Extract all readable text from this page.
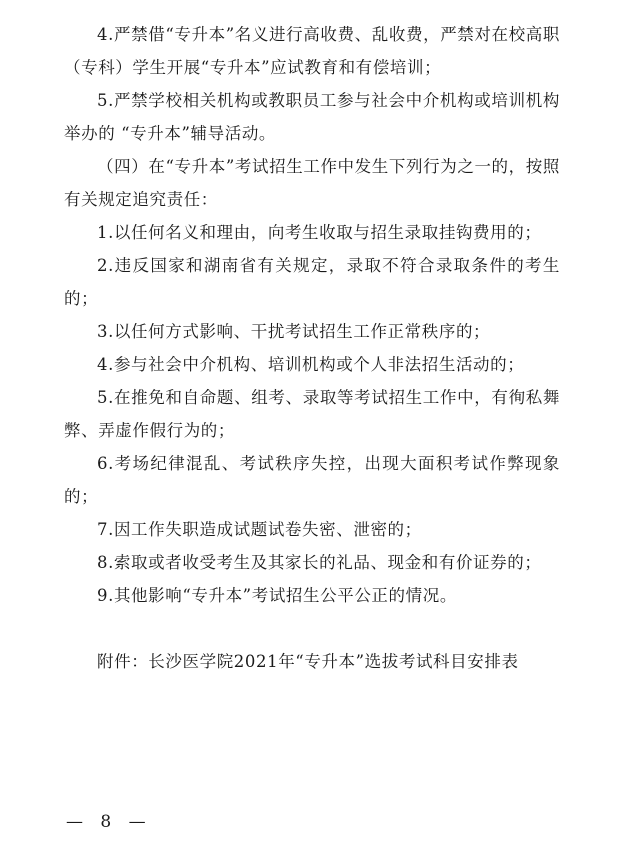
4.严禁借“专升本”名义进行高收费、乱收费，严禁对在校高职（专科）学生开展“专升本”应试教育和有偿培训；

5.严禁学校相关机构或教职员工参与社会中介机构或培训机构举办的 “专升本”辅导活动。

（四）在“专升本”考试招生工作中发生下列行为之一的，按照有关规定追究责任：

1.以任何名义和理由，向考生收取与招生录取挂钩费用的；

2.违反国家和湖南省有关规定，录取不符合录取条件的考生的；

3.以任何方式影响、干扰考试招生工作正常秩序的；

4.参与社会中介机构、培训机构或个人非法招生活动的；

5.在推免和自命题、组考、录取等考试招生工作中，有徇私舞弊、弄虚作假行为的；

6.考场纪律混乱、考试秩序失控，出现大面积考试作弊现象的；

7.因工作失职造成试题试卷失密、泄密的；

8.索取或者收受考生及其家长的礼品、现金和有价证券的；

9.其他影响“专升本”考试招生公平公正的情况。

附件：长沙医学院2021年“专升本”选拔考试科目安排表

— 8 —
